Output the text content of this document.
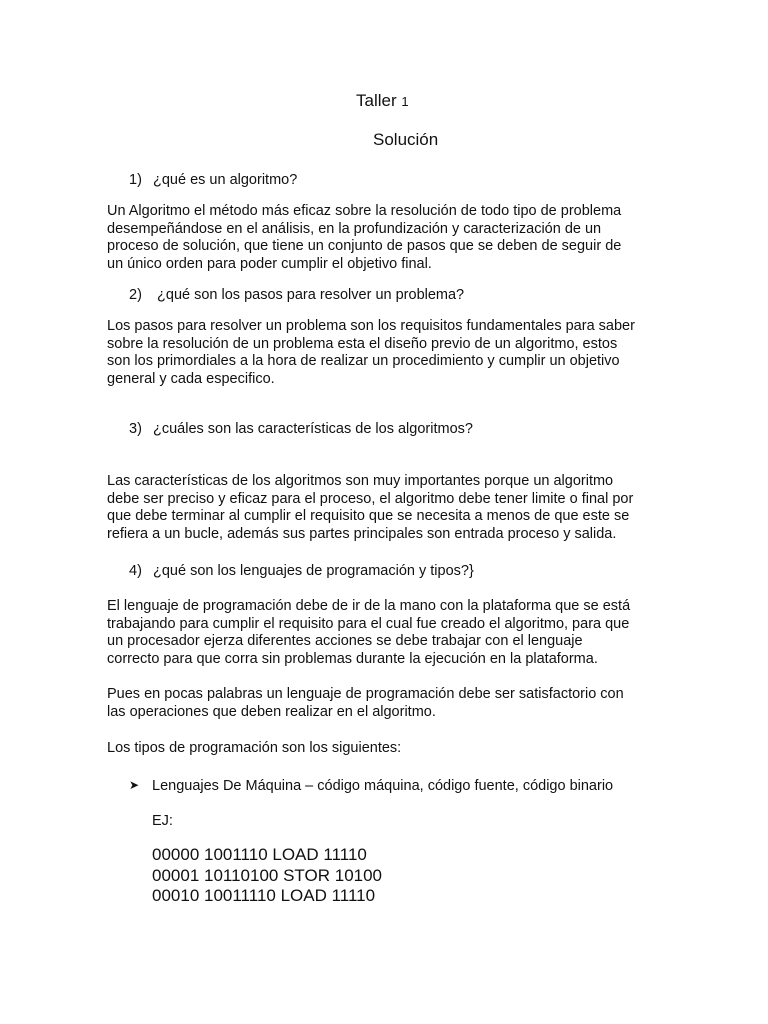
Taller 1
Solución
1) ¿qué es un algoritmo?
Un Algoritmo el método más eficaz sobre la resolución de todo tipo de problema
desempeñándose en el análisis, en la profundización y caracterización de un
proceso de solución, que tiene un conjunto de pasos que se deben de seguir de
un único orden para poder cumplir el objetivo final.
2) ¿qué son los pasos para resolver un problema?
Los pasos para resolver un problema son los requisitos fundamentales para saber
sobre la resolución de un problema esta el diseño previo de un algoritmo, estos
son los primordiales a la hora de realizar un procedimiento y cumplir un objetivo
general y cada especifico.
3) ¿cuáles son las características de los algoritmos?
Las características de los algoritmos son muy importantes porque un algoritmo
debe ser preciso y eficaz para el proceso, el algoritmo debe tener limite o final por
que debe terminar al cumplir el requisito que se necesita a menos de que este se
refiera a un bucle, además sus partes principales son entrada proceso y salida.
4) ¿qué son los lenguajes de programación y tipos?}
El lenguaje de programación debe de ir de la mano con la plataforma que se está
trabajando para cumplir el requisito para el cual fue creado el algoritmo, para que
un procesador ejerza diferentes acciones se debe trabajar con el lenguaje
correcto para que corra sin problemas durante la ejecución en la plataforma.
Pues en pocas palabras un lenguaje de programación debe ser satisfactorio con
las operaciones que deben realizar en el algoritmo.
Los tipos de programación son los siguientes:
➤ Lenguajes De Máquina – código máquina, código fuente, código binario
EJ:
00000 1001110 LOAD 11110
00001 10110100 STOR 10100
00010 10011110 LOAD 11110
